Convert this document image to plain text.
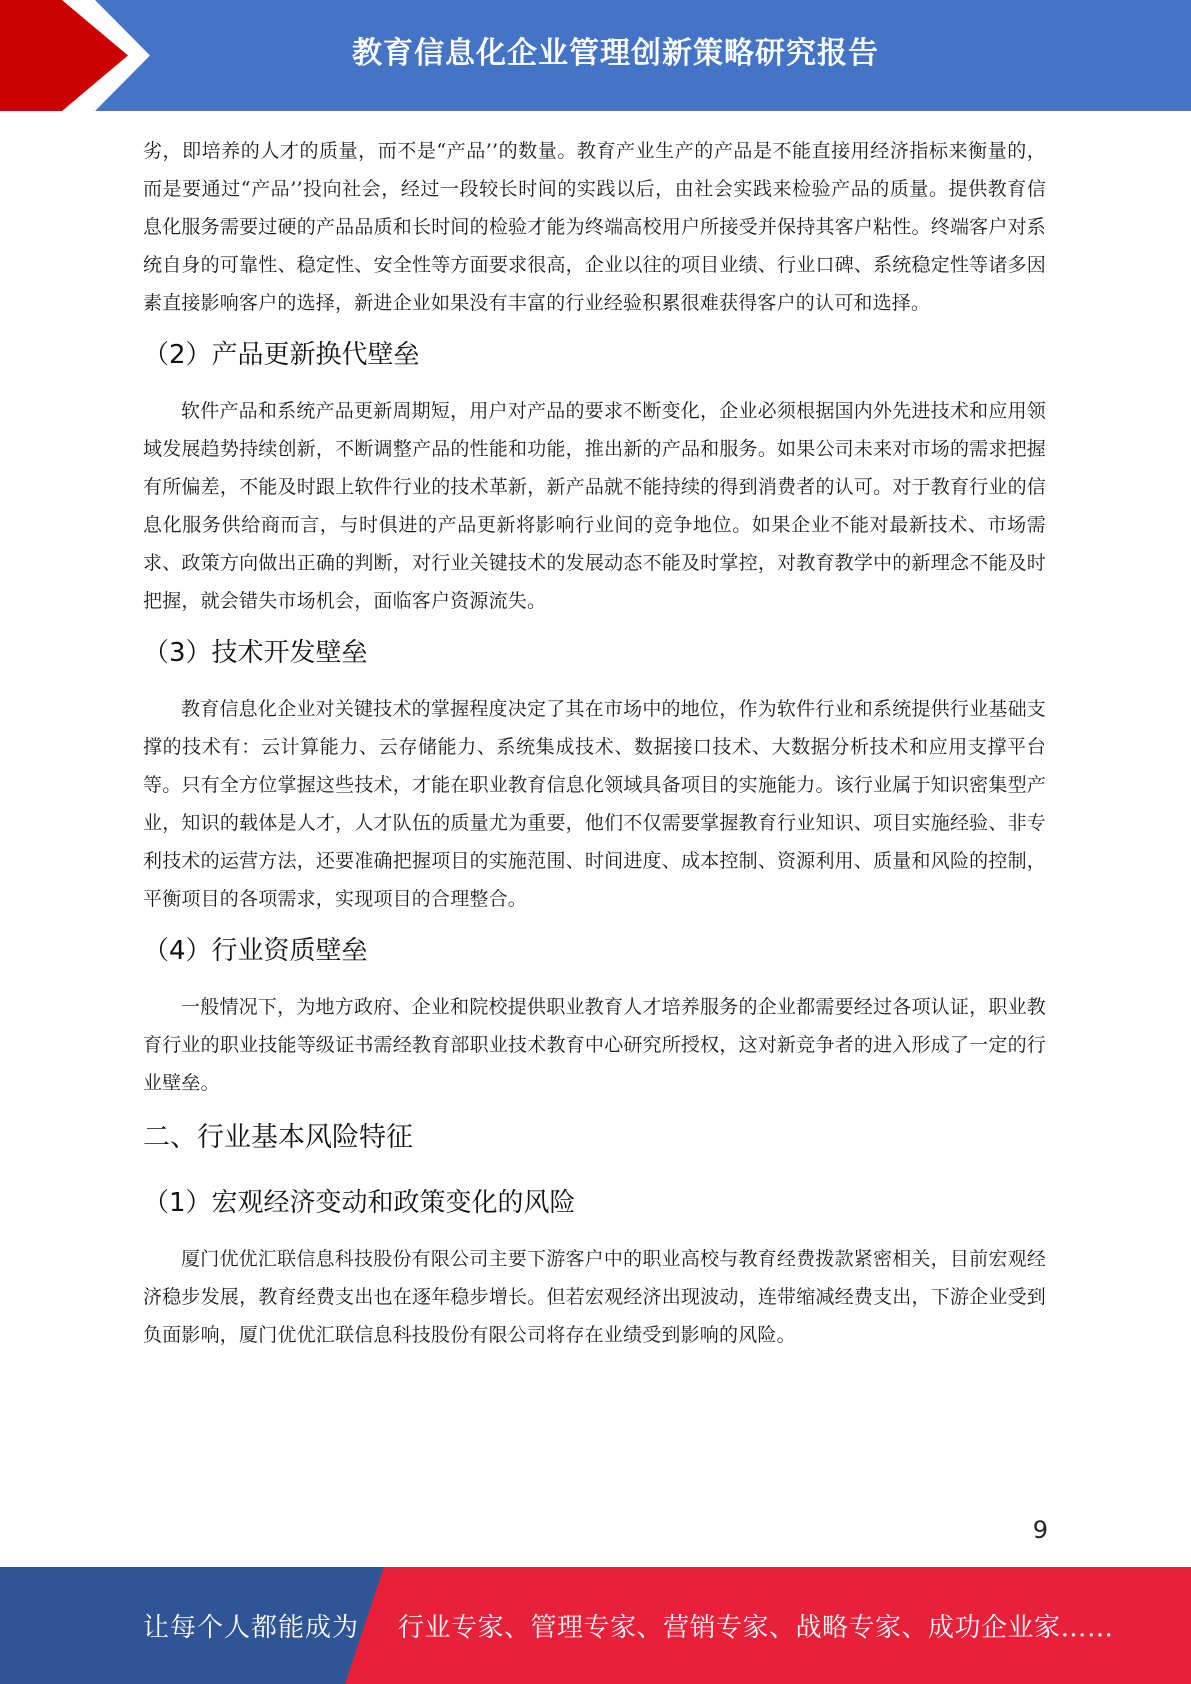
教育信息化企业管理创新策略研究报告

劣，即培养的人才的质量，而不是“产品’’的数量。教育产业生产的产品是不能直接用经济指标来衡量的，而是要通过“产品’’投向社会，经过一段较长时间的实践以后，由社会实践来检验产品的质量。提供教育信息化服务需要过硬的产品品质和长时间的检验才能为终端高校用户所接受并保持其客户粘性。终端客户对系统自身的可靠性、稳定性、安全性等方面要求很高，企业以往的项目业绩、行业口碑、系统稳定性等诸多因素直接影响客户的选择，新进企业如果没有丰富的行业经验积累很难获得客户的认可和选择。

（2）产品更新换代壁垒

软件产品和系统产品更新周期短，用户对产品的要求不断变化，企业必须根据国内外先进技术和应用领域发展趋势持续创新，不断调整产品的性能和功能，推出新的产品和服务。如果公司未来对市场的需求把握有所偏差，不能及时跟上软件行业的技术革新，新产品就不能持续的得到消费者的认可。对于教育行业的信息化服务供给商而言，与时俱进的产品更新将影响行业间的竞争地位。如果企业不能对最新技术、市场需求、政策方向做出正确的判断，对行业关键技术的发展动态不能及时掌控，对教育教学中的新理念不能及时把握，就会错失市场机会，面临客户资源流失。

（3）技术开发壁垒

教育信息化企业对关键技术的掌握程度决定了其在市场中的地位，作为软件行业和系统提供行业基础支撑的技术有：云计算能力、云存储能力、系统集成技术、数据接口技术、大数据分析技术和应用支撑平台等。只有全方位掌握这些技术，才能在职业教育信息化领域具备项目的实施能力。该行业属于知识密集型产业，知识的载体是人才，人才队伍的质量尤为重要，他们不仅需要掌握教育行业知识、项目实施经验、非专利技术的运营方法，还要准确把握项目的实施范围、时间进度、成本控制、资源利用、质量和风险的控制，平衡项目的各项需求，实现项目的合理整合。

（4）行业资质壁垒

一般情况下，为地方政府、企业和院校提供职业教育人才培养服务的企业都需要经过各项认证，职业教育行业的职业技能等级证书需经教育部职业技术教育中心研究所授权，这对新竞争者的进入形成了一定的行业壁垒。

二、行业基本风险特征
（1）宏观经济变动和政策变化的风险

厦门优优汇联信息科技股份有限公司主要下游客户中的职业高校与教育经费拨款紧密相关，目前宏观经济稳步发展，教育经费支出也在逐年稳步增长。但若宏观经济出现波动，连带缩减经费支出，下游企业受到负面影响，厦门优优汇联信息科技股份有限公司将存在业绩受到影响的风险。

9
让每个人都能成为 行业专家、管理专家、营销专家、战略专家、成功企业家……
